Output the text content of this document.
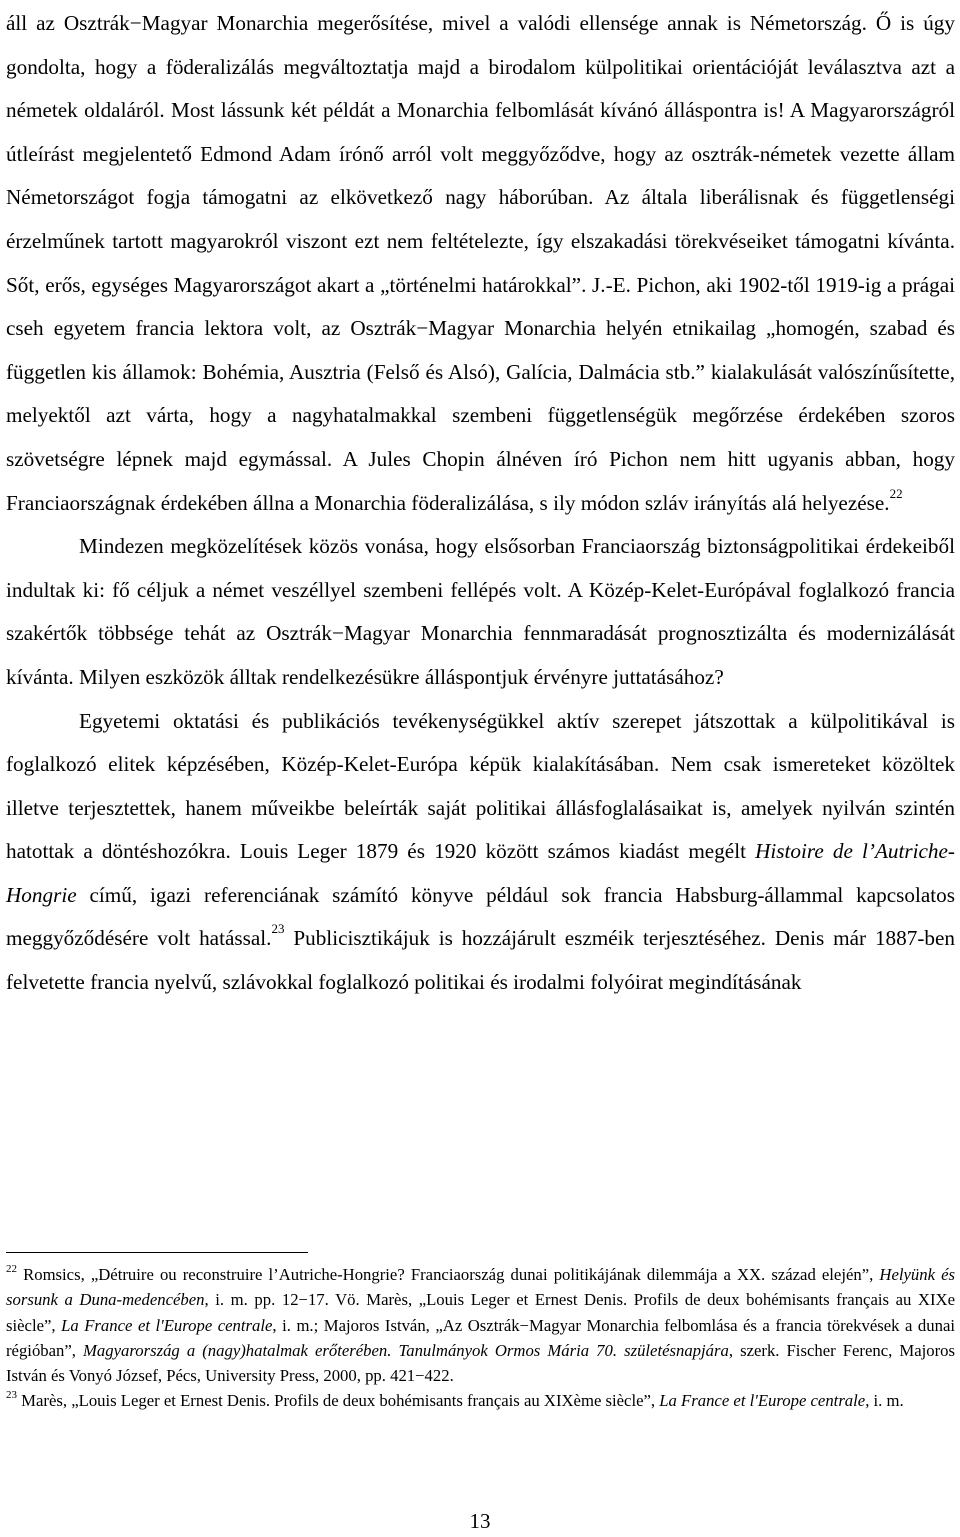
áll az Osztrák−Magyar Monarchia megerősítése, mivel a valódi ellensége annak is Németország. Ő is úgy gondolta, hogy a föderalizálás megváltoztatja majd a birodalom külpolitikai orientációját leválasztva azt a németek oldaláról. Most lássunk két példát a Monarchia felbomlását kívánó álláspontra is! A Magyarországról útleírást megjelentető Edmond Adam írónő arról volt meggyőződve, hogy az osztrák-németek vezette állam Németországot fogja támogatni az elkövetkező nagy háborúban. Az általa liberálisnak és függetlenségi érzelműnek tartott magyarokról viszont ezt nem feltételezte, így elszakadási törekvéseiket támogatni kívánta. Sőt, erős, egységes Magyarországot akart a „történelmi határokkal”. J.-E. Pichon, aki 1902-től 1919-ig a prágai cseh egyetem francia lektora volt, az Osztrák−Magyar Monarchia helyén etnikailag „homogén, szabad és független kis államok: Bohémia, Ausztria (Felső és Alsó), Galícia, Dalmácia stb.” kialakulását valószínűsítette, melyektől azt várta, hogy a nagyhatalmakkal szembeni függetlenségük megőrzése érdekében szoros szövetségre lépnek majd egymással. A Jules Chopin álnéven író Pichon nem hitt ugyanis abban, hogy Franciaországnak érdekében állna a Monarchia föderalizálása, s ily módon szláv irányítás alá helyezése.$^{22}$

Mindezen megközelítések közös vonása, hogy elsősorban Franciaország biztonságpolitikai érdekeiből indultak ki: fő céljuk a német veszéllyel szembeni fellépés volt. A Közép-Kelet-Európával foglalkozó francia szakértők többsége tehát az Osztrák−Magyar Monarchia fennmaradását prognosztizálta és modernizálását kívánta. Milyen eszközök álltak rendelkezésükre álláspontjuk érvényre juttatásához?

Egyetemi oktatási és publikációs tevékenységükkel aktív szerepet játszottak a külpolitikával is foglalkozó elitek képzésében, Közép-Kelet-Európa képük kialakításában. Nem csak ismereteket közöltek illetve terjesztettek, hanem műveikbe beleírták saját politikai állásfoglalásaikat is, amelyek nyilván szintén hatottak a döntéshozókra. Louis Leger 1879 és 1920 között számos kiadást megélt Histoire de l’Autriche-Hongrie című, igazi referenciának számító könyve például sok francia Habsburg-állammal kapcsolatos meggyőződésére volt hatással.$^{23}$ Publicisztikájuk is hozzájárult eszméik terjesztéséhez. Denis már 1887-ben felvetette francia nyelvű, szlávokkal foglalkozó politikai és irodalmi folyóirat megindításának

$^{22}$ Romsics, „Détruire ou reconstruire l’Autriche-Hongrie? Franciaország dunai politikájának dilemmája a XX. század elején”, Helyünk és sorsunk a Duna-medencében, i. m. pp. 12−17. Vö. Marès, „Louis Leger et Ernest Denis. Profils de deux bohémisants français au XIXe siècle”, La France et l'Europe centrale, i. m.; Majoros István, „Az Osztrák−Magyar Monarchia felbomlása és a francia törekvések a dunai régióban”, Magyarország a (nagy)hatalmak erőterében. Tanulmányok Ormos Mária 70. születésnapjára, szerk. Fischer Ferenc, Majoros István és Vonyó József, Pécs, University Press, 2000, pp. 421−422.

$^{23}$ Marès, „Louis Leger et Ernest Denis. Profils de deux bohémisants français au XIXème siècle”, La France et l'Europe centrale, i. m.

13
